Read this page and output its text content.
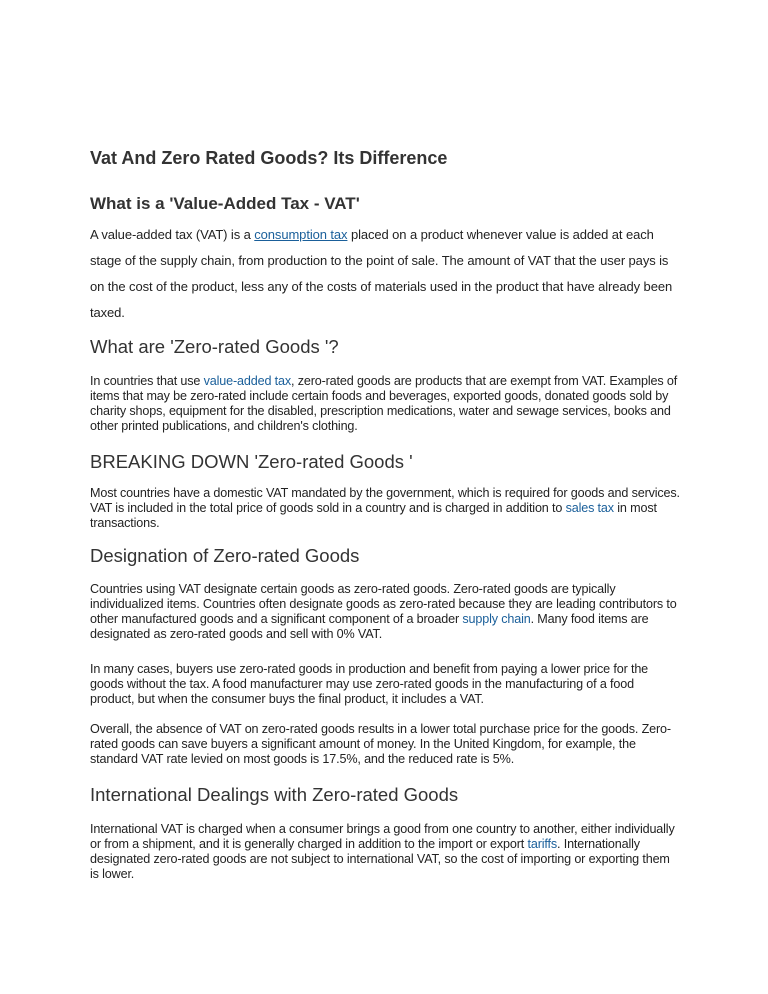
Vat And Zero Rated Goods? Its Difference
What is a 'Value-Added Tax - VAT'

A value-added tax (VAT) is a consumption tax placed on a product whenever value is added at each stage of the supply chain, from production to the point of sale. The amount of VAT that the user pays is on the cost of the product, less any of the costs of materials used in the product that have already been taxed.

What are 'Zero-rated Goods '?

In countries that use value-added tax, zero-rated goods are products that are exempt from VAT. Examples of items that may be zero-rated include certain foods and beverages, exported goods, donated goods sold by charity shops, equipment for the disabled, prescription medications, water and sewage services, books and other printed publications, and children's clothing.

BREAKING DOWN 'Zero-rated Goods '

Most countries have a domestic VAT mandated by the government, which is required for goods and services. VAT is included in the total price of goods sold in a country and is charged in addition to sales tax in most transactions.

Designation of Zero-rated Goods

Countries using VAT designate certain goods as zero-rated goods. Zero-rated goods are typically individualized items. Countries often designate goods as zero-rated because they are leading contributors to other manufactured goods and a significant component of a broader supply chain. Many food items are designated as zero-rated goods and sell with 0% VAT.

In many cases, buyers use zero-rated goods in production and benefit from paying a lower price for the goods without the tax. A food manufacturer may use zero-rated goods in the manufacturing of a food product, but when the consumer buys the final product, it includes a VAT.

Overall, the absence of VAT on zero-rated goods results in a lower total purchase price for the goods. Zero-rated goods can save buyers a significant amount of money. In the United Kingdom, for example, the standard VAT rate levied on most goods is 17.5%, and the reduced rate is 5%.

International Dealings with Zero-rated Goods

International VAT is charged when a consumer brings a good from one country to another, either individually or from a shipment, and it is generally charged in addition to the import or export tariffs. Internationally designated zero-rated goods are not subject to international VAT, so the cost of importing or exporting them is lower.
